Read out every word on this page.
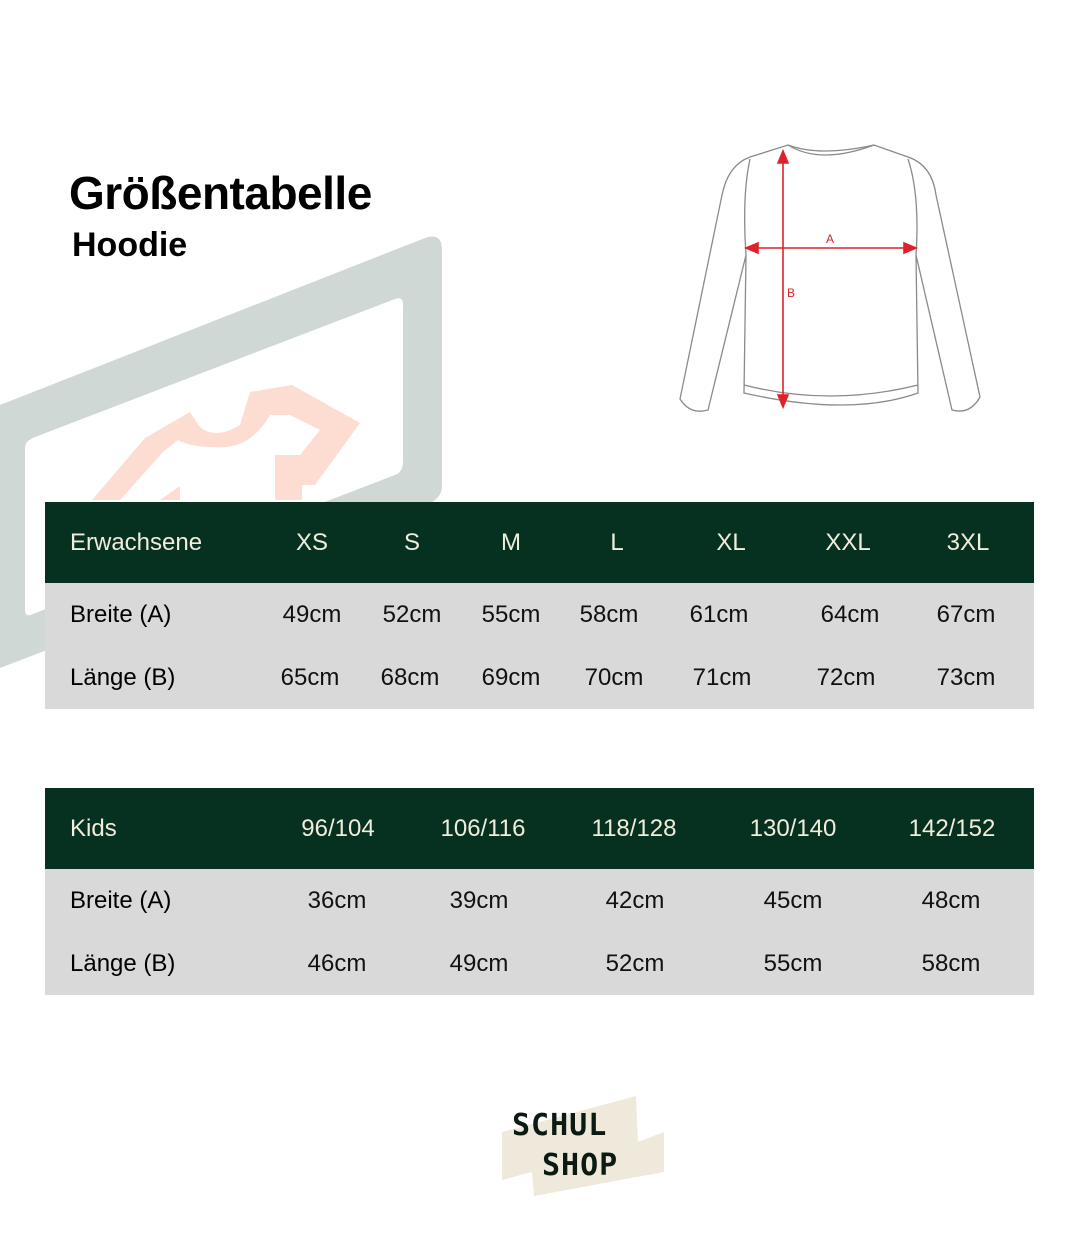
Größentabelle
Hoodie	A
B
Erwachsene	XS	S	M	L	XL	XXL	3XL
Breite (A)	49cm 52cm 55cm 58cm 61cm	64cm 67cm
Länge (B)	65cm 68cm 69cm 70cm 71cm	72cm	73cm
Kids	96/104	106/116	118/128	130/140	142/152
Breite (A)	36cm	39cm	42cm	45cm	48cm
Länge (B)	46cm	49cm	52cm	55cm	58cm
SCHUL
SHOP
